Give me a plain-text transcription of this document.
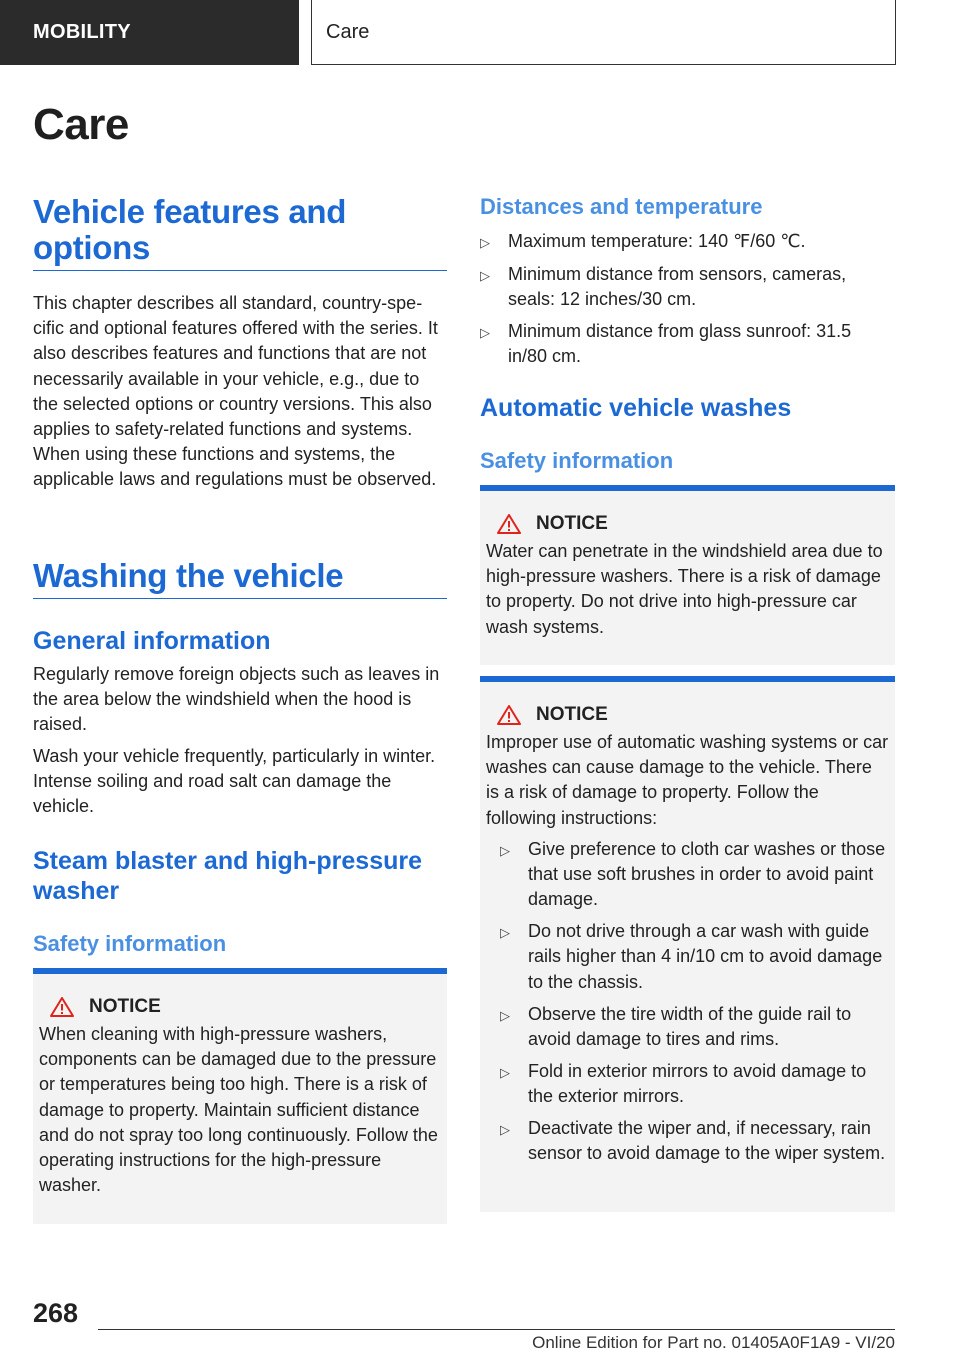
MOBILITY	Care
Care
Vehicle features and options

This chapter describes all standard, country-specific and optional features offered with the series. It also describes features and functions that are not necessarily available in your vehicle, e.g., due to the selected options or country versions. This also applies to safety-related functions and systems. When using these functions and systems, the applicable laws and regulations must be observed.

Washing the vehicle
General information

Regularly remove foreign objects such as leaves in the area below the windshield when the hood is raised.

Wash your vehicle frequently, particularly in winter. Intense soiling and road salt can damage the vehicle.

Steam blaster and high-pressure washer
Safety information
NOTICE

When cleaning with high-pressure washers, components can be damaged due to the pressure or temperatures being too high. There is a risk of damage to property. Maintain sufficient distance and do not spray too long continuously. Follow the operating instructions for the high-pressure washer.

Distances and temperature
▷	Maximum temperature: 140 ℉/60 ℃.
▷	Minimum distance from sensors, cameras, seals: 12 inches/30 cm.
▷	Minimum distance from glass sunroof: 31.5 in/80 cm.
Automatic vehicle washes
Safety information
NOTICE

Water can penetrate in the windshield area due to high-pressure washers. There is a risk of damage to property. Do not drive into high-pressure car wash systems.

NOTICE

Improper use of automatic washing systems or car washes can cause damage to the vehicle. There is a risk of damage to property. Follow the following instructions:

▷	Give preference to cloth car washes or those that use soft brushes in order to avoid paint damage.
▷	Do not drive through a car wash with guide rails higher than 4 in/10 cm to avoid damage to the chassis.
▷	Observe the tire width of the guide rail to avoid damage to tires and rims.
▷	Fold in exterior mirrors to avoid damage to the exterior mirrors.
▷	Deactivate the wiper and, if necessary, rain sensor to avoid damage to the wiper system.
268
Online Edition for Part no. 01405A0F1A9 - VI/20
